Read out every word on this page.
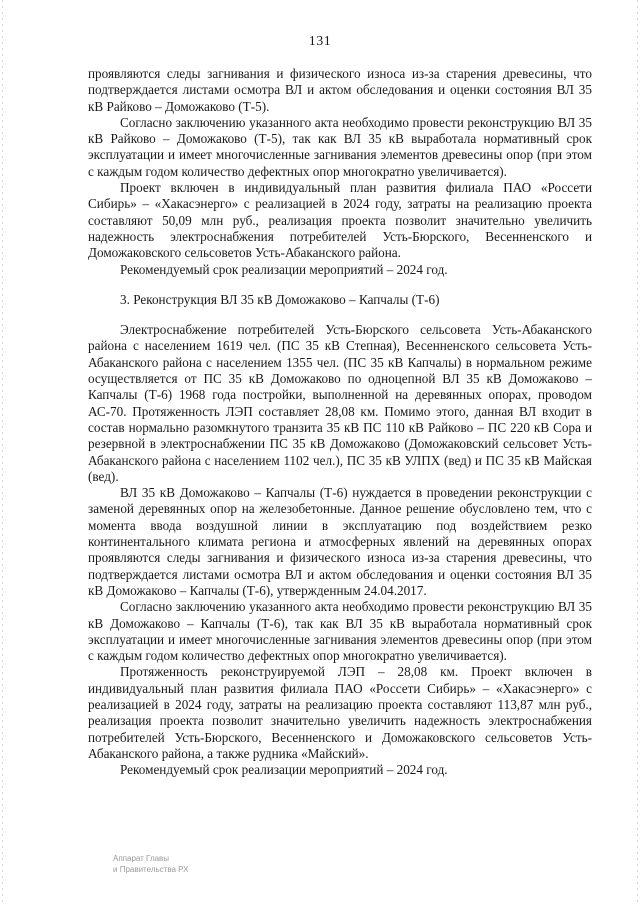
131

проявляются следы загнивания и физического износа из-за старения древесины, что подтверждается листами осмотра ВЛ и актом обследования и оценки состояния ВЛ 35 кВ Райково – Доможаково (Т-5).

Согласно заключению указанного акта необходимо провести реконструкцию ВЛ 35 кВ Райково – Доможаково (Т-5), так как ВЛ 35 кВ выработала нормативный срок эксплуатации и имеет многочисленные загнивания элементов древесины опор (при этом с каждым годом количество дефектных опор многократно увеличивается).

Проект включен в индивидуальный план развития филиала ПАО «Россети Сибирь» – «Хакасэнерго» с реализацией в 2024 году, затраты на реализацию проекта составляют 50,09 млн руб., реализация проекта позволит значительно увеличить надежность электроснабжения потребителей Усть-Бюрского, Весенненского и Доможаковского сельсоветов Усть-Абаканского района.

Рекомендуемый срок реализации мероприятий – 2024 год.

3. Реконструкция ВЛ 35 кВ Доможаково – Капчалы (Т-6)

Электроснабжение потребителей Усть-Бюрского сельсовета Усть-Абаканского района с населением 1619 чел. (ПС 35 кВ Степная), Весенненского сельсовета Усть-Абаканского района с населением 1355 чел. (ПС 35 кВ Капчалы) в нормальном режиме осуществляется от ПС 35 кВ Доможаково по одноцепной ВЛ 35 кВ Доможаково – Капчалы (Т-6) 1968 года постройки, выполненной на деревянных опорах, проводом АС-70. Протяженность ЛЭП составляет 28,08 км. Помимо этого, данная ВЛ входит в состав нормально разомкнутого транзита 35 кВ ПС 110 кВ Райково – ПС 220 кВ Сора и резервной в электроснабжении ПС 35 кВ Доможаково (Доможаковский сельсовет Усть-Абаканского района с населением 1102 чел.), ПС 35 кВ УЛПХ (вед) и ПС 35 кВ Майская (вед).

ВЛ 35 кВ Доможаково – Капчалы (Т-6) нуждается в проведении реконструкции с заменой деревянных опор на железобетонные. Данное решение обусловлено тем, что с момента ввода воздушной линии в эксплуатацию под воздействием резко континентального климата региона и атмосферных явлений на деревянных опорах проявляются следы загнивания и физического износа из-за старения древесины, что подтверждается листами осмотра ВЛ и актом обследования и оценки состояния ВЛ 35 кВ Доможаково – Капчалы (Т-6), утвержденным 24.04.2017.

Согласно заключению указанного акта необходимо провести реконструкцию ВЛ 35 кВ Доможаково – Капчалы (Т-6), так как ВЛ 35 кВ выработала нормативный срок эксплуатации и имеет многочисленные загнивания элементов древесины опор (при этом с каждым годом количество дефектных опор многократно увеличивается).

Протяженность реконструируемой ЛЭП – 28,08 км. Проект включен в индивидуальный план развития филиала ПАО «Россети Сибирь» – «Хакасэнерго» с реализацией в 2024 году, затраты на реализацию проекта составляют 113,87 млн руб., реализация проекта позволит значительно увеличить надежность электроснабжения потребителей Усть-Бюрского, Весенненского и Доможаковского сельсоветов Усть-Абаканского района, а также рудника «Майский».

Рекомендуемый срок реализации мероприятий – 2024 год.

Аппарат Главы
и Правительства РХ
